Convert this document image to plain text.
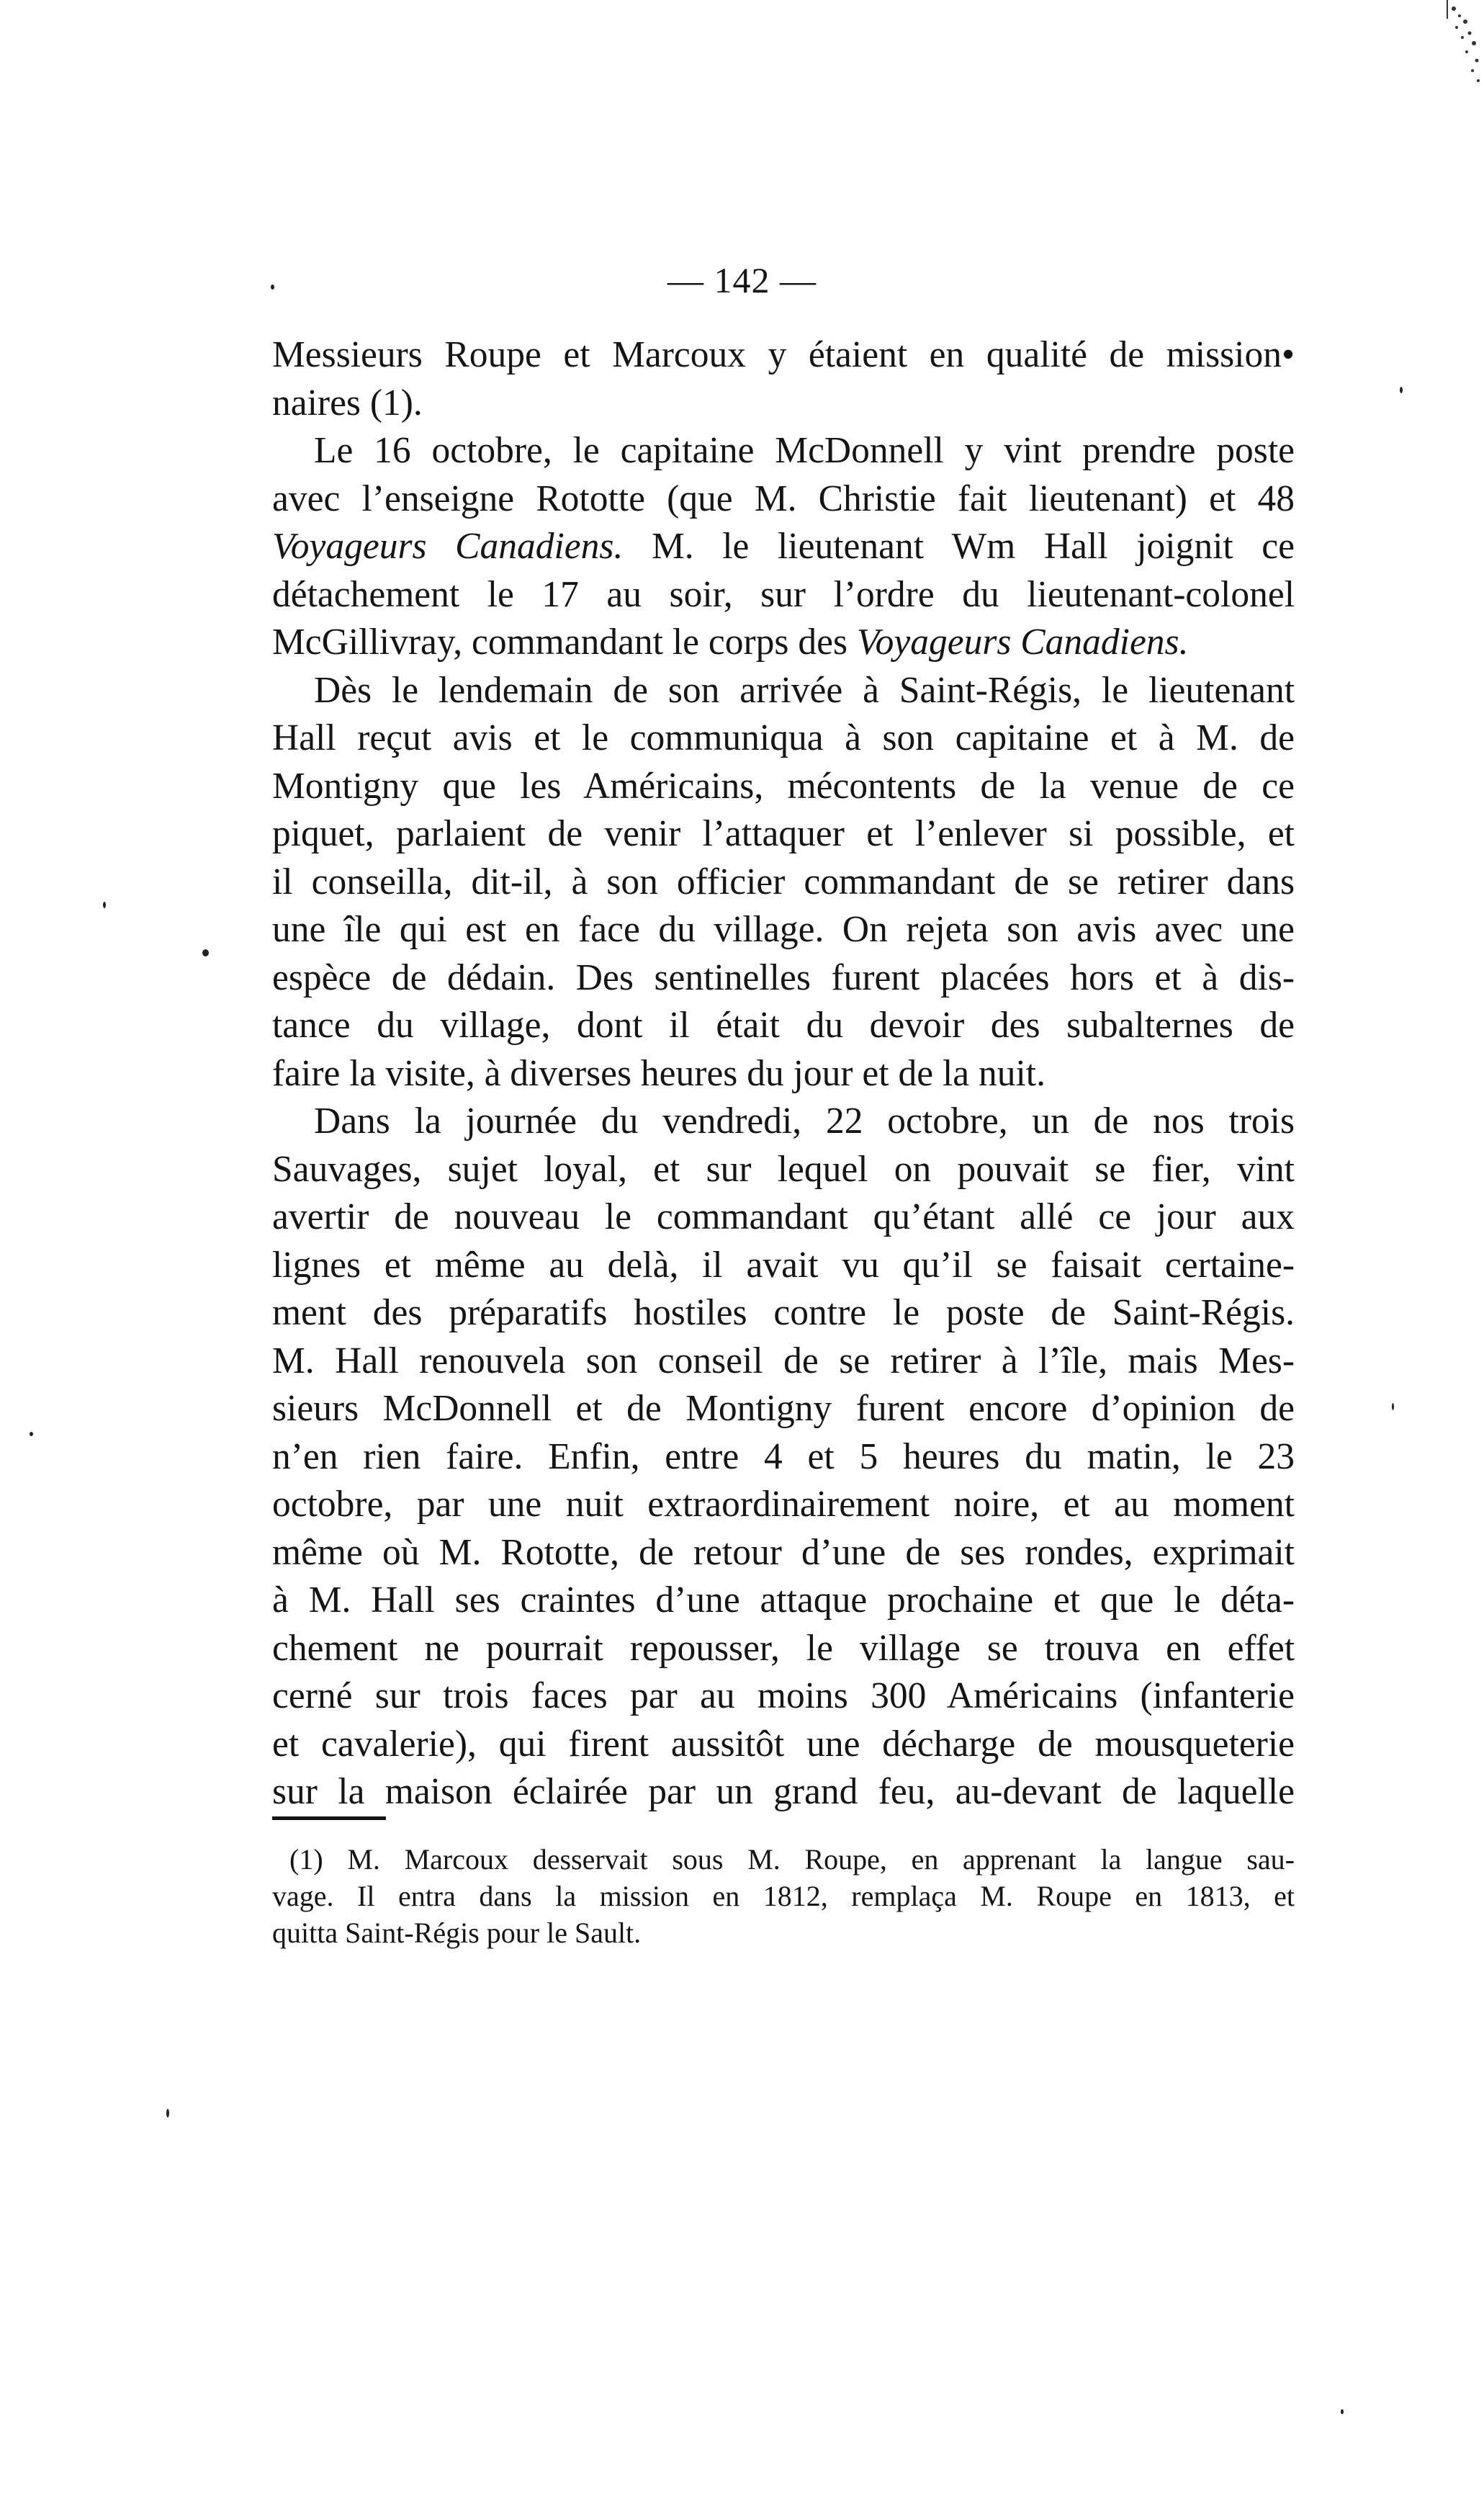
— 142 —
Messieurs Roupe et Marcoux y étaient en qualité de mission•
naires (1).
Le 16 octobre, le capitaine McDonnell y vint prendre poste
avec l’enseigne Rototte (que M. Christie fait lieutenant) et 48
Voyageurs Canadiens. M. le lieutenant Wm Hall joignit ce
détachement le 17 au soir, sur l’ordre du lieutenant-colonel
McGillivray, commandant le corps des Voyageurs Canadiens.
Dès le lendemain de son arrivée à Saint-Régis, le lieutenant
Hall reçut avis et le communiqua à son capitaine et à M. de
Montigny que les Américains, mécontents de la venue de ce
piquet, parlaient de venir l’attaquer et l’enlever si possible, et
il conseilla, dit-il, à son officier commandant de se retirer dans
une île qui est en face du village. On rejeta son avis avec une
espèce de dédain. Des sentinelles furent placées hors et à dis-
tance du village, dont il était du devoir des subalternes de
faire la visite, à diverses heures du jour et de la nuit.
Dans la journée du vendredi, 22 octobre, un de nos trois
Sauvages, sujet loyal, et sur lequel on pouvait se fier, vint
avertir de nouveau le commandant qu’étant allé ce jour aux
lignes et même au delà, il avait vu qu’il se faisait certaine-
ment des préparatifs hostiles contre le poste de Saint-Régis.
M. Hall renouvela son conseil de se retirer à l’île, mais Mes-
sieurs McDonnell et de Montigny furent encore d’opinion de
n’en rien faire. Enfin, entre 4 et 5 heures du matin, le 23
octobre, par une nuit extraordinairement noire, et au moment
même où M. Rototte, de retour d’une de ses rondes, exprimait
à M. Hall ses craintes d’une attaque prochaine et que le déta-
chement ne pourrait repousser, le village se trouva en effet
cerné sur trois faces par au moins 300 Américains (infanterie
et cavalerie), qui firent aussitôt une décharge de mousqueterie
sur la maison éclairée par un grand feu, au-devant de laquelle
(1) M. Marcoux desservait sous M. Roupe, en apprenant la langue sau-
vage. Il entra dans la mission en 1812, remplaça M. Roupe en 1813, et
quitta Saint-Régis pour le Sault.
